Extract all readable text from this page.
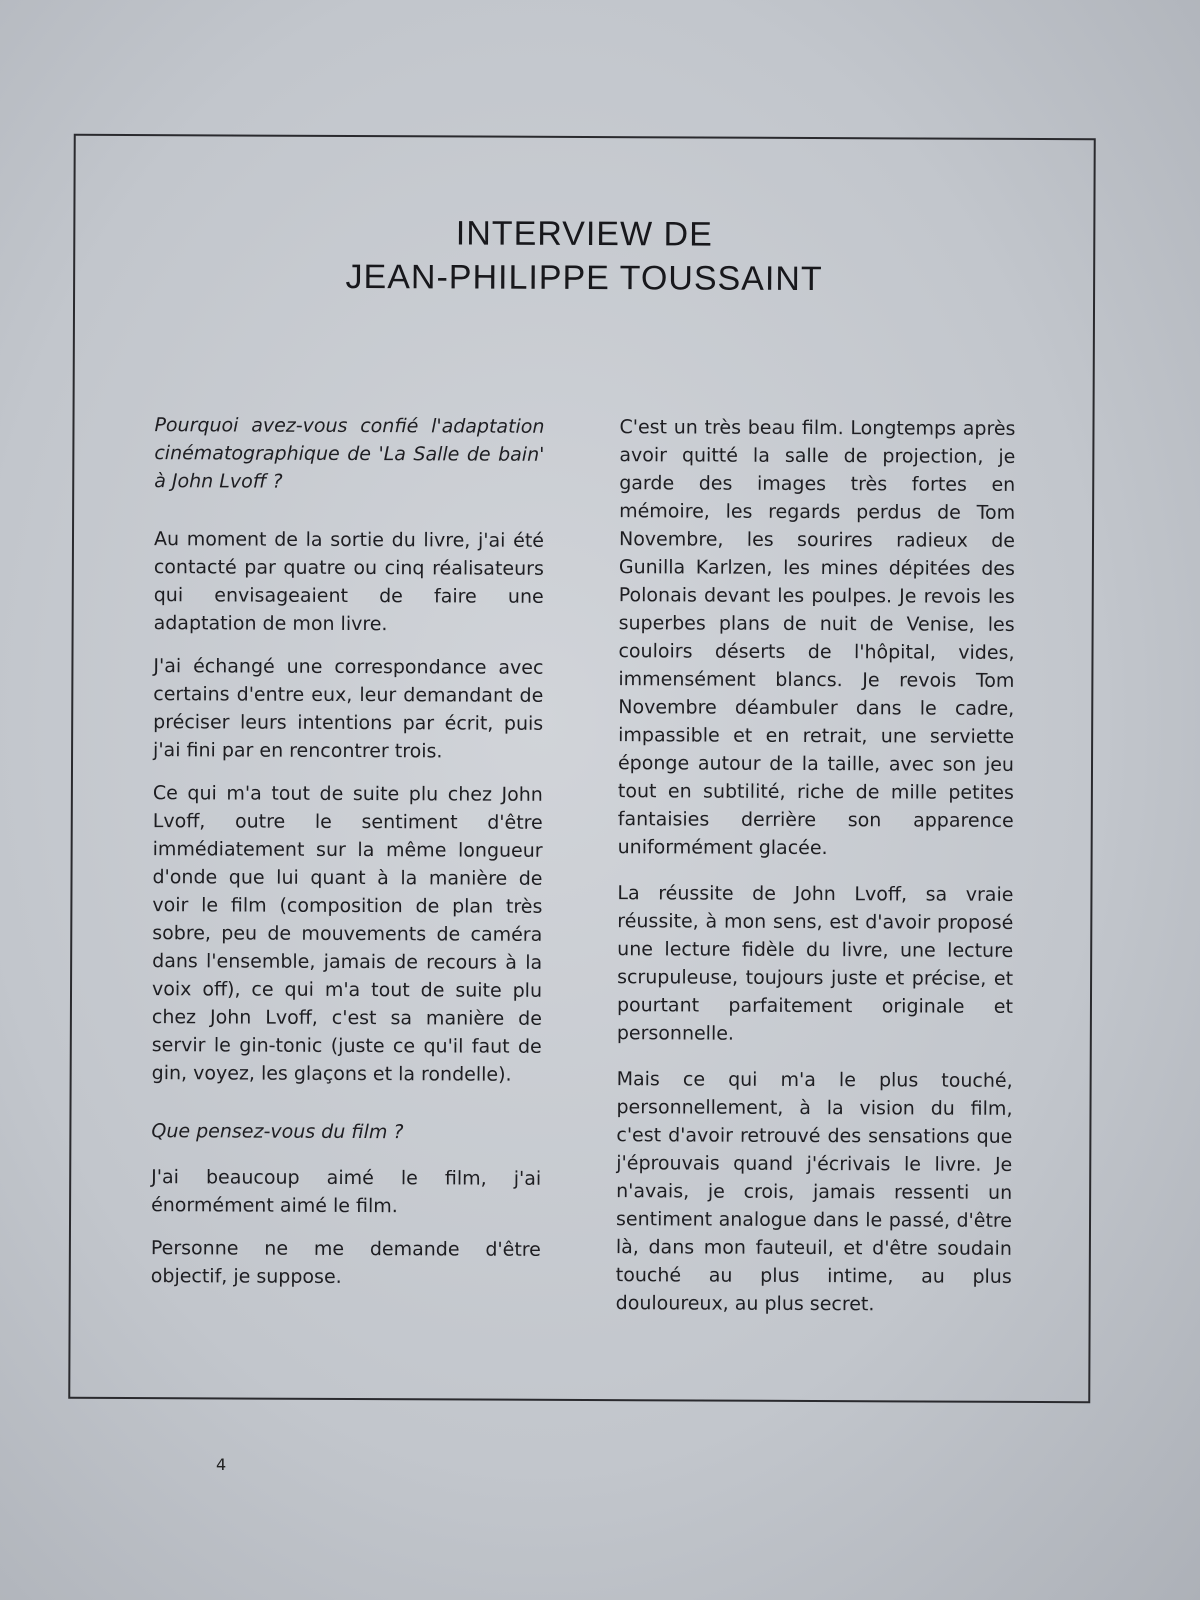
INTERVIEW DE
JEAN-PHILIPPE TOUSSAINT

Pourquoi avez-vous confié l'adaptation cinématographique de 'La Salle de bain' à John Lvoff ?

Au moment de la sortie du livre, j'ai été contacté par quatre ou cinq réalisateurs qui envisageaient de faire une adaptation de mon livre.

J'ai échangé une correspondance avec certains d'entre eux, leur demandant de préciser leurs intentions par écrit, puis j'ai fini par en rencontrer trois.

Ce qui m'a tout de suite plu chez John Lvoff, outre le sentiment d'être immédiatement sur la même longueur d'onde que lui quant à la manière de voir le film (composition de plan très sobre, peu de mouvements de caméra dans l'ensemble, jamais de recours à la voix off), ce qui m'a tout de suite plu chez John Lvoff, c'est sa manière de servir le gin-tonic (juste ce qu'il faut de gin, voyez, les glaçons et la rondelle).

Que pensez-vous du film ?

J'ai beaucoup aimé le film, j'ai énormément aimé le film.

Personne ne me demande d'être objectif, je suppose.

C'est un très beau film. Longtemps après avoir quitté la salle de projection, je garde des images très fortes en mémoire, les regards perdus de Tom Novembre, les sourires radieux de Gunilla Karlzen, les mines dépitées des Polonais devant les poulpes. Je revois les superbes plans de nuit de Venise, les couloirs déserts de l'hôpital, vides, immensément blancs. Je revois Tom Novembre déambuler dans le cadre, impassible et en retrait, une serviette éponge autour de la taille, avec son jeu tout en subtilité, riche de mille petites fantaisies derrière son apparence uniformément glacée.

La réussite de John Lvoff, sa vraie réussite, à mon sens, est d'avoir proposé une lecture fidèle du livre, une lecture scrupuleuse, toujours juste et précise, et pourtant parfaitement originale et personnelle.

Mais ce qui m'a le plus touché, personnellement, à la vision du film, c'est d'avoir retrouvé des sensations que j'éprouvais quand j'écrivais le livre. Je n'avais, je crois, jamais ressenti un sentiment analogue dans le passé, d'être là, dans mon fauteuil, et d'être soudain touché au plus intime, au plus douloureux, au plus secret.

4
